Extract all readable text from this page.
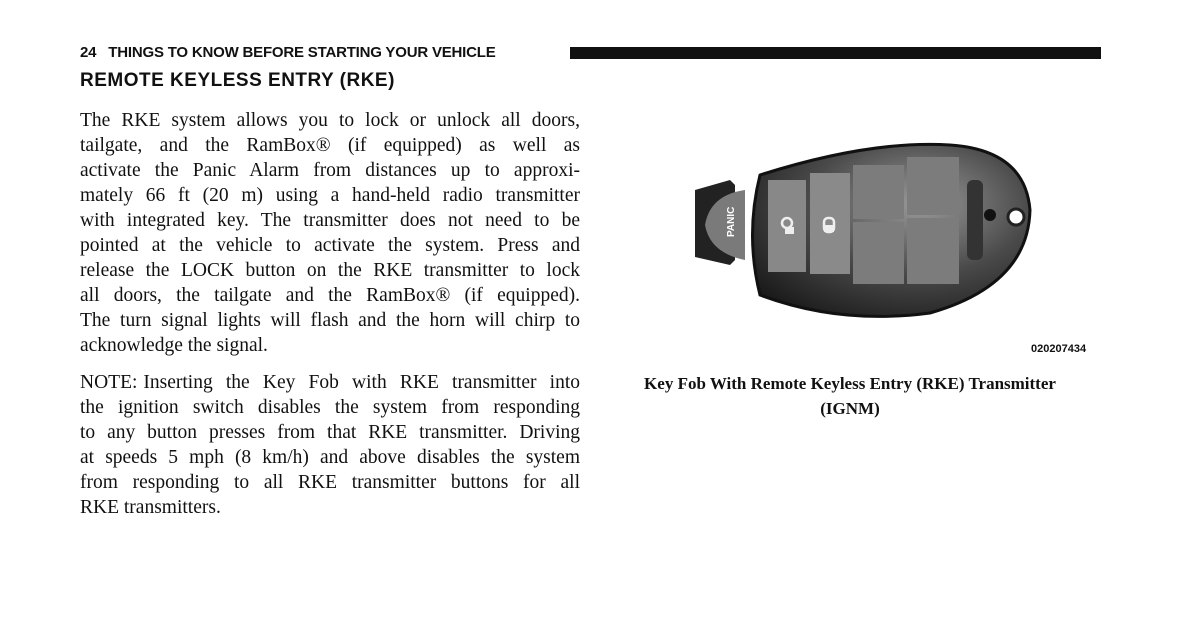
24 THINGS TO KNOW BEFORE STARTING YOUR VEHICLE
REMOTE KEYLESS ENTRY (RKE)
The RKE system allows you to lock or unlock all doors,
tailgate, and the RamBox® (if equipped) as well as
activate the Panic Alarm from distances up to approxi-
mately 66 ft (20 m) using a hand-held radio transmitter
with integrated key. The transmitter does not need to be
pointed at the vehicle to activate the system. Press and
release the LOCK button on the RKE transmitter to lock
all doors, the tailgate and the RamBox® (if equipped).
The turn signal lights will flash and the horn will chirp to
acknowledge the signal.
NOTE: Inserting the Key Fob with RKE transmitter into
the ignition switch disables the system from responding
to any button presses from that RKE transmitter. Driving
at speeds 5 mph (8 km/h) and above disables the system
from responding to all RKE transmitter buttons for all
RKE transmitters.
PANIC
020207434
Key Fob With Remote Keyless Entry (RKE) Transmitter
(IGNM)
